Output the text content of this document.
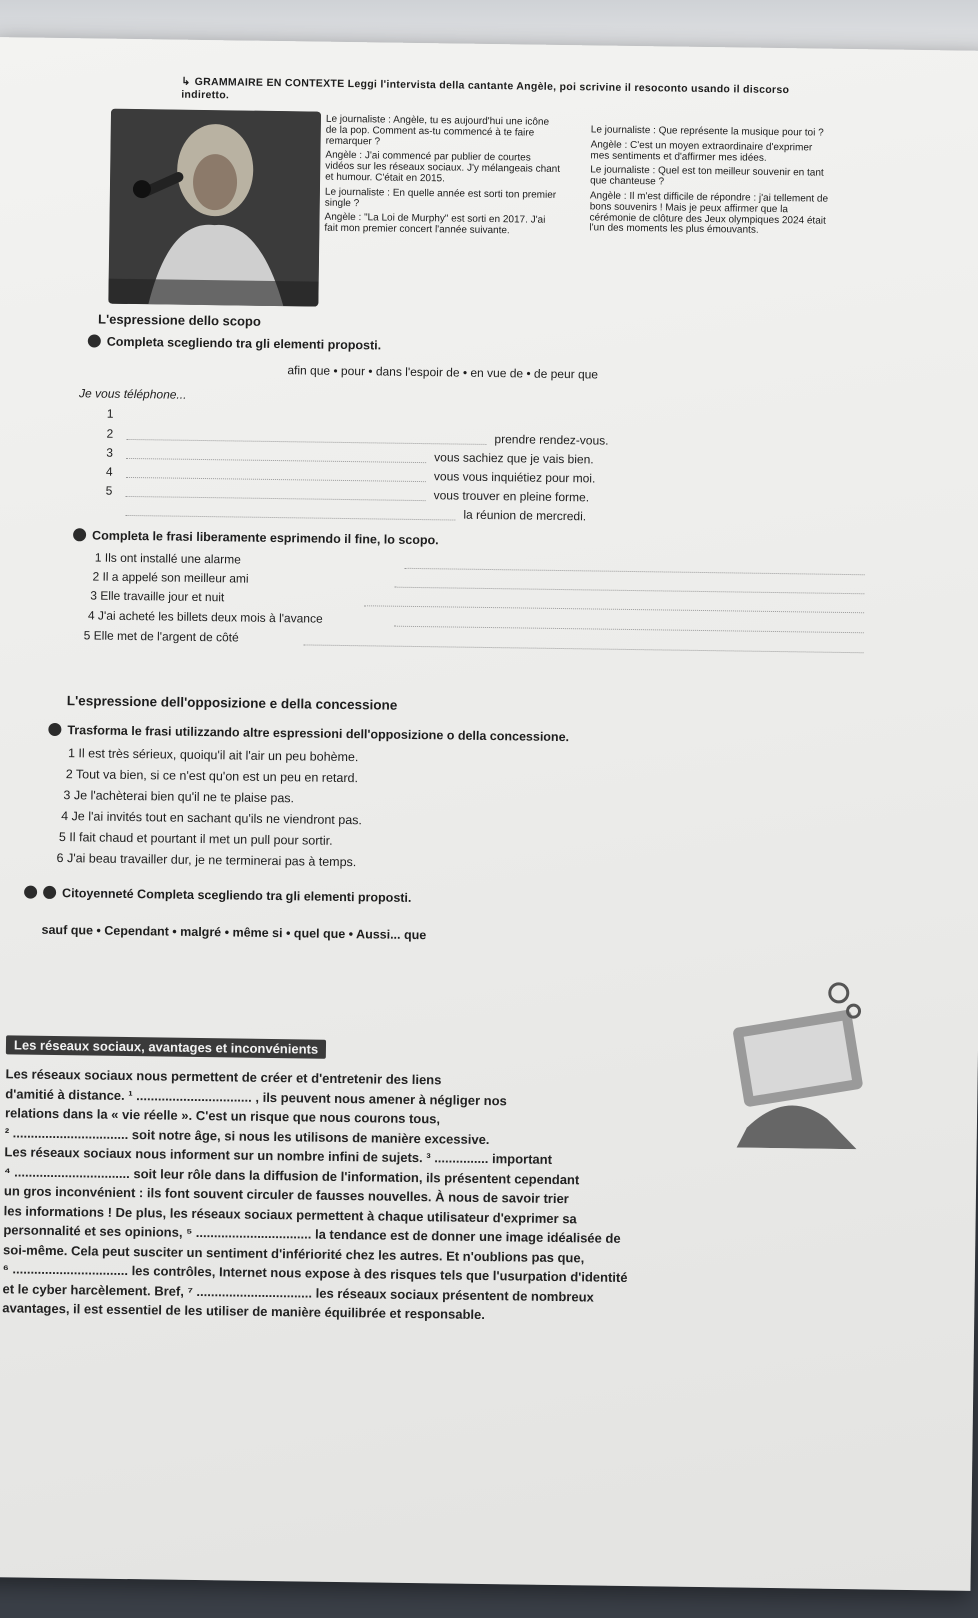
↳ GRAMMAIRE EN CONTEXTE Leggi l'intervista della cantante Angèle, poi scrivine il resoconto usando il discorso indiretto.

Le journaliste : Angèle, tu es aujourd'hui une icône de la pop. Comment as-tu commencé à te faire remarquer ?

Angèle : J'ai commencé par publier de courtes vidéos sur les réseaux sociaux. J'y mélangeais chant et humour. C'était en 2015.

Le journaliste : En quelle année est sorti ton premier single ?

Angèle : "La Loi de Murphy" est sorti en 2017. J'ai fait mon premier concert l'année suivante.

Le journaliste : Que représente la musique pour toi ?

Angèle : C'est un moyen extraordinaire d'exprimer mes sentiments et d'affirmer mes idées.

Le journaliste : Quel est ton meilleur souvenir en tant que chanteuse ?

Angèle : Il m'est difficile de répondre : j'ai tellement de bons souvenirs ! Mais je peux affirmer que la cérémonie de clôture des Jeux olympiques 2024 était l'un des moments les plus émouvants.

L'espressione dello scopo
Completa scegliendo tra gli elementi proposti.
afin que • pour • dans l'espoir de • en vue de • de peur que
Je vous téléphone...
1
2
3
4
5
prendre rendez-vous.
vous sachiez que je vais bien.
vous vous inquiétiez pour moi.
vous trouver en pleine forme.
la réunion de mercredi.
Completa le frasi liberamente esprimendo il fine, lo scopo.
1 Ils ont installé une alarme
2 Il a appelé son meilleur ami
3 Elle travaille jour et nuit
4 J'ai acheté les billets deux mois à l'avance
5 Elle met de l'argent de côté
L'espressione dell'opposizione e della concessione
Trasforma le frasi utilizzando altre espressioni dell'opposizione o della concessione.
1 Il est très sérieux, quoiqu'il ait l'air un peu bohème.
2 Tout va bien, si ce n'est qu'on est un peu en retard.
3 Je l'achèterai bien qu'il ne te plaise pas.
4 Je l'ai invités tout en sachant qu'ils ne viendront pas.
5 Il fait chaud et pourtant il met un pull pour sortir.
6 J'ai beau travailler dur, je ne terminerai pas à temps.
Citoyenneté Completa scegliendo tra gli elementi proposti.
sauf que • Cependant • malgré • même si • quel que • Aussi... que
Les réseaux sociaux, avantages et inconvénients
Les réseaux sociaux nous permettent de créer et d'entretenir des liens
d'amitié à distance. ¹ ................................ , ils peuvent nous amener à négliger nos
relations dans la « vie réelle ». C'est un risque que nous courons tous,
² ................................ soit notre âge, si nous les utilisons de manière excessive.
Les réseaux sociaux nous informent sur un nombre infini de sujets. ³ ............... important
⁴ ................................ soit leur rôle dans la diffusion de l'information, ils présentent cependant
un gros inconvénient : ils font souvent circuler de fausses nouvelles. À nous de savoir trier
les informations ! De plus, les réseaux sociaux permettent à chaque utilisateur d'exprimer sa
personnalité et ses opinions, ⁵ ................................ la tendance est de donner une image idéalisée de
soi-même. Cela peut susciter un sentiment d'infériorité chez les autres. Et n'oublions pas que,
⁶ ................................ les contrôles, Internet nous expose à des risques tels que l'usurpation d'identité
et le cyber harcèlement. Bref, ⁷ ................................ les réseaux sociaux présentent de nombreux
avantages, il est essentiel de les utiliser de manière équilibrée et responsable.
